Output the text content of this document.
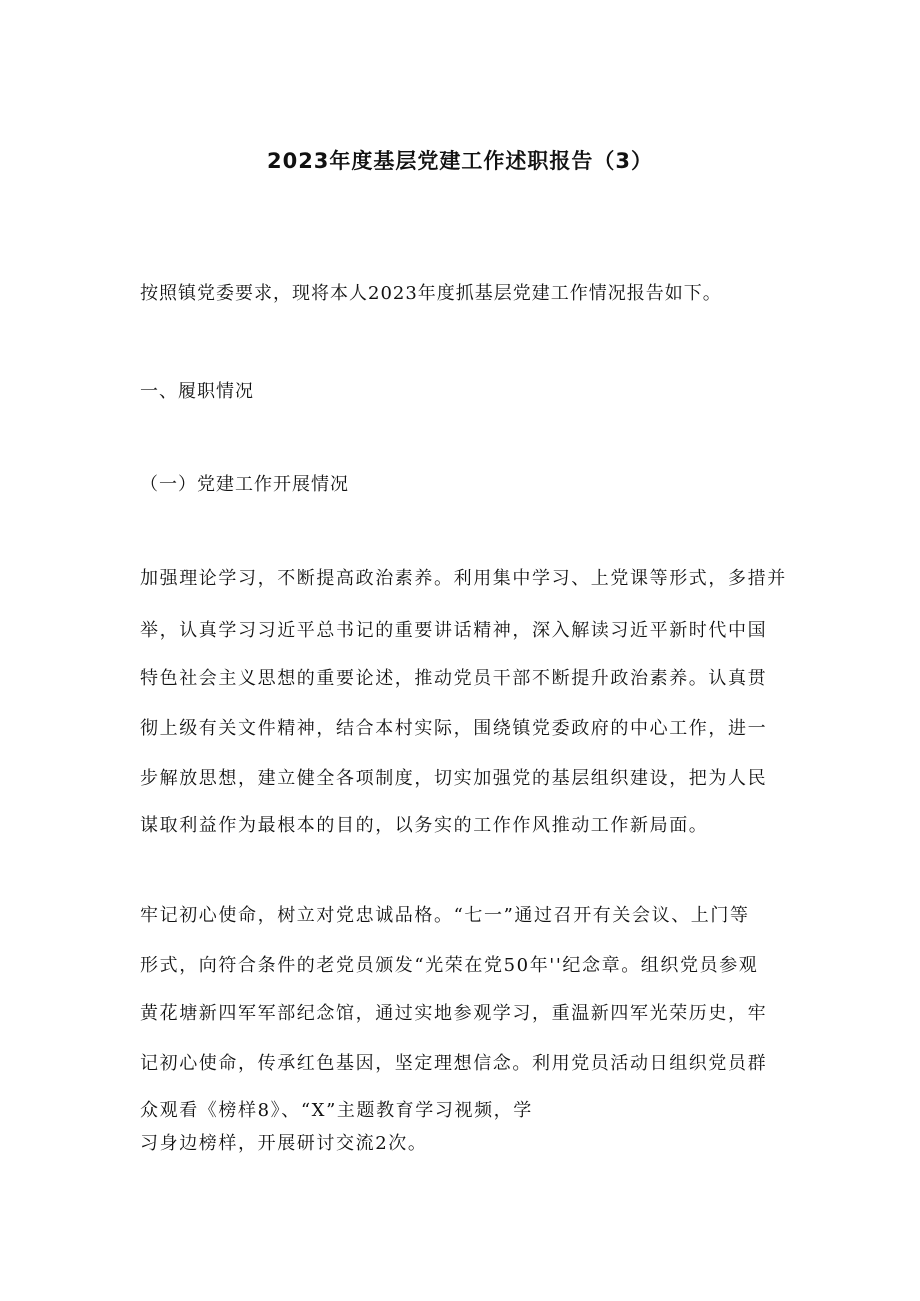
2023年度基层党建工作述职报告（3）

按照镇党委要求，现将本人2023年度抓基层党建工作情况报告如下。

一、履职情况

（一）党建工作开展情况

加强理论学习，不断提高政治素养。利用集中学习、上党课等形式，多措并

举，认真学习习近平总书记的重要讲话精神，深入解读习近平新时代中国

特色社会主义思想的重要论述，推动党员干部不断提升政治素养。认真贯

彻上级有关文件精神，结合本村实际，围绕镇党委政府的中心工作，进一

步解放思想，建立健全各项制度，切实加强党的基层组织建设，把为人民

谋取利益作为最根本的目的，以务实的工作作风推动工作新局面。

牢记初心使命，树立对党忠诚品格。“七一”通过召开有关会议、上门等

形式，向符合条件的老党员颁发“光荣在党50年''纪念章。组织党员参观

黄花塘新四军军部纪念馆，通过实地参观学习，重温新四军光荣历史，牢

记初心使命，传承红色基因，坚定理想信念。利用党员活动日组织党员群

众观看《榜样8》、“X”主题教育学习视频，学

习身边榜样，开展研讨交流2次。
